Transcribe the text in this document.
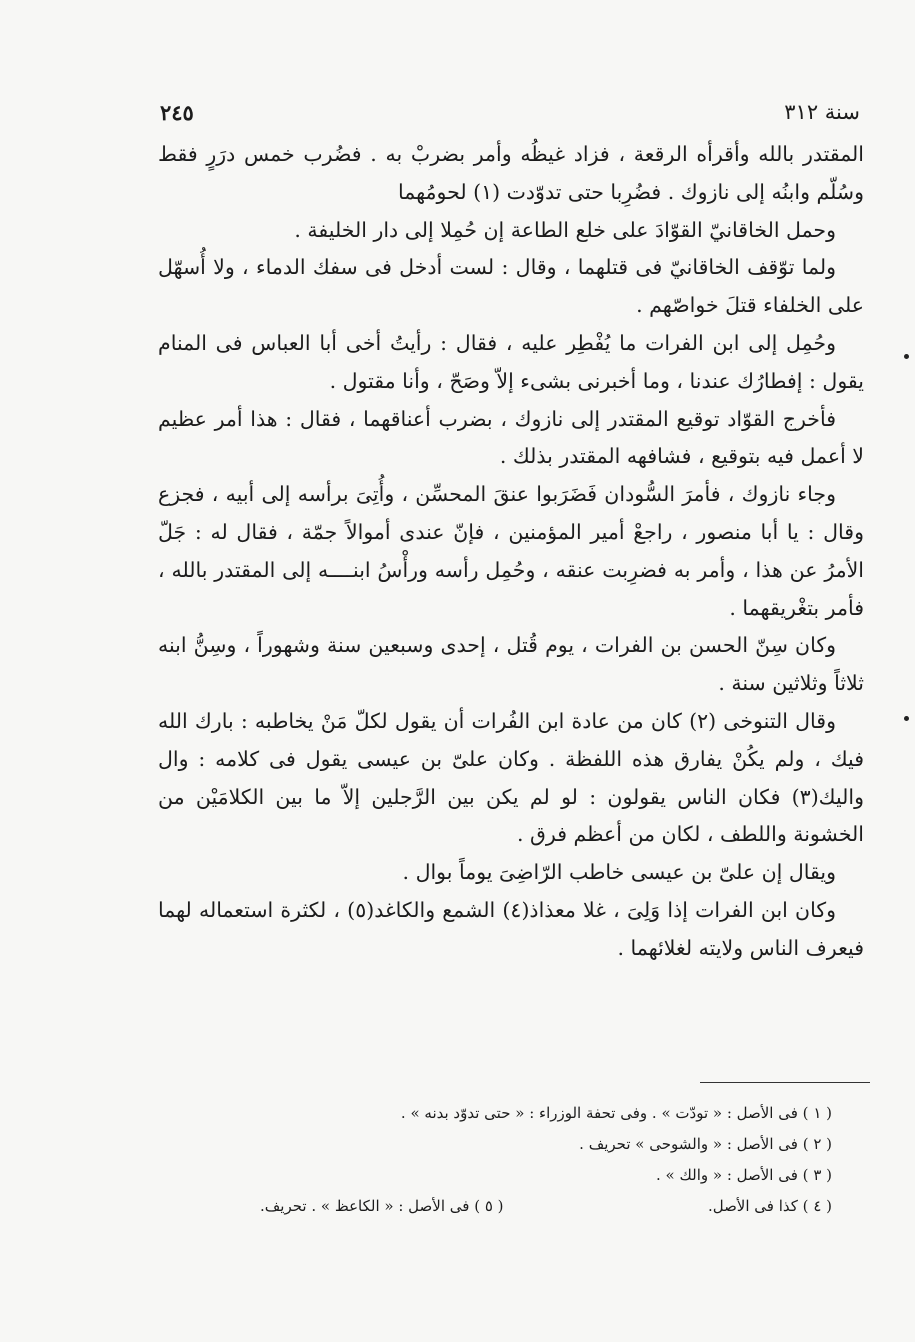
سنة ٣١٢
٢٤٥

المقتدر بالله وأقرأه الرقعة ، فزاد غيظُه وأمر بضربْ به . فضُرب خمس درَرٍ فقط وسُلّم وابنُه إلى نازوك . فضُرِبا حتى تدوّدت (١) لحومُهما

وحمل الخاقانيّ القوّادَ على خلع الطاعة إن حُمِلا إلى دار الخليفة .

ولما توّقف الخاقانيّ فى قتلهما ، وقال : لست أدخل فى سفك الدماء ، ولا أُسهّل على الخلفاء قتلَ خواصّهم .

وحُمِل إلى ابن الفرات ما يُفْطِر عليه ، فقال : رأيتُ أخى أبا العباس فى المنام يقول : إفطارُك عندنا ، وما أخبرنى بشىء إلاّ وصَحّ ، وأنا مقتول .

فأخرج القوّاد توقيع المقتدر إلى نازوك ، بضرب أعناقهما ، فقال : هذا أمر عظيم لا أعمل فيه بتوقيع ، فشافهه المقتدر بذلك .

وجاء نازوك ، فأمرَ السُّودان فَضَرَبوا عنقَ المحسِّن ، وأُتِىَ برأسه إلى أبيه ، فجزع وقال : يا أبا منصور ، راجعْ أمير المؤمنين ، فإنّ عندى أموالاً جمّة ، فقال له : جَلّ الأمرُ عن هذا ، وأمر به فضرِبت عنقه ، وحُمِل رأسه ورأْسُ ابنــــه إلى المقتدر بالله ، فأمر بتغْريقهما .

وكان سِنّ الحسن بن الفرات ، يوم قُتل ، إحدى وسبعين سنة وشهوراً ، وسِنُّ ابنه ثلاثاً وثلاثين سنة .

وقال التنوخى (٢) كان من عادة ابن الفُرات أن يقول لكلّ مَنْ يخاطبه : بارك الله فيك ، ولم يكُنْ يفارق هذه اللفظة . وكان علىّ بن عيسى يقول فى كلامه : وال واليك(٣) فكان الناس يقولون : لو لم يكن بين الرَّجلين إلاّ ما بين الكلامَيْن من الخشونة واللطف ، لكان من أعظم فرق .

ويقال إن علىّ بن عيسى خاطب الرّاضِىَ يوماً بوال .

وكان ابن الفرات إذا وَلِىَ ، غلا معذاذ(٤) الشمع والكاغد(٥) ، لكثرة استعماله لهما فيعرف الناس ولايته لغلائهما .

( ١ ) فى الأصل : « تودّت » . وفى تحفة الوزراء : « حتى تدوّد بدنه » .
( ٢ ) فى الأصل : « والشوحى » تحريف .
( ٣ ) فى الأصل : « والك » .
( ٤ ) كذا فى الأصل.
( ٥ ) فى الأصل : « الكاعظ » . تحريف.
